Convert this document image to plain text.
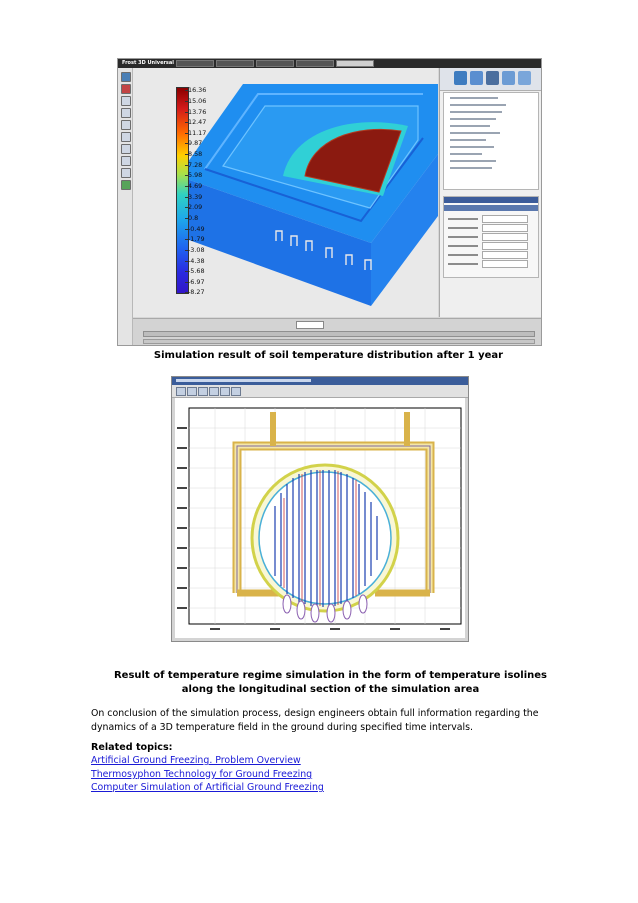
Frost 3D Universal
16.36
15.06
13.76
12.47
11.17
9.87
8.58
7.28
5.98
4.69
3.39
2.09
0.8
-0.49
-1.79
-3.08
-4.38
-5.68
-6.97
-8.27
Simulation result of soil temperature distribution after 1 year
Result of temperature regime simulation in the form of temperature isolines along the longitudinal section of the simulation area
On conclusion of the simulation process, design engineers obtain full information regarding the dynamics of a 3D temperature field in the ground during specified time intervals.
Related topics:
Artificial Ground Freezing. Problem Overview
Thermosyphon Technology for Ground Freezing
Computer Simulation of Artificial Ground Freezing
